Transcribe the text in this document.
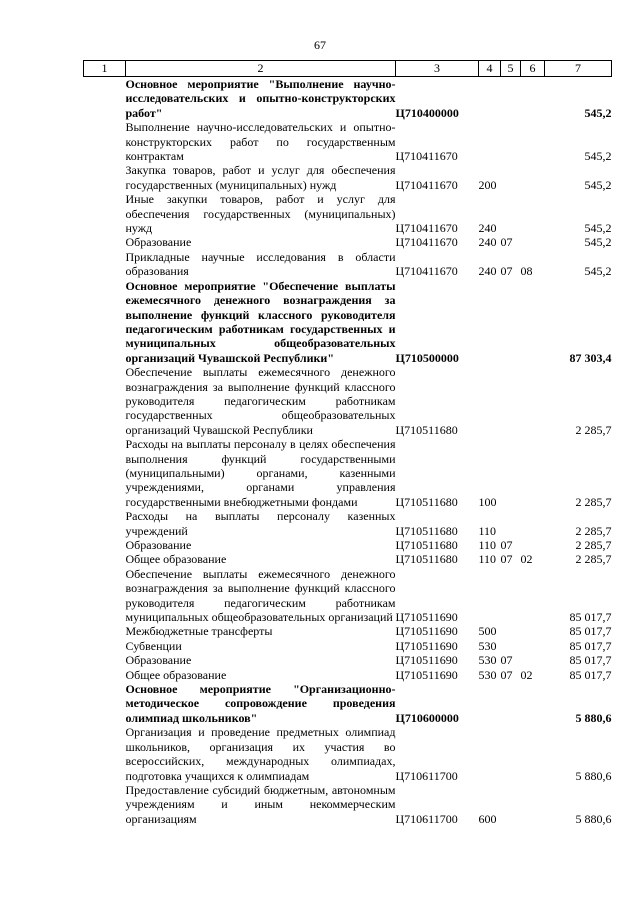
67
1	2	3	4	5	6	7
	Основное мероприятие "Выполнение научно-исследовательских и опытно-конструкторских работ"	Ц710400000				545,2
	Выполнение научно-исследовательских и опытно-конструкторских работ по государственным контрактам	Ц710411670				545,2
	Закупка товаров, работ и услуг для обеспечения государственных (муниципальных) нужд	Ц710411670	200			545,2
	Иные закупки товаров, работ и услуг для обеспечения государственных (муниципальных) нужд	Ц710411670	240			545,2
	Образование	Ц710411670	240	07		545,2
	Прикладные научные исследования в области образования	Ц710411670	240	07	08	545,2
	Основное мероприятие "Обеспечение выплаты ежемесячного денежного вознаграждения за выполнение функций классного руководителя педагогическим работникам государственных и муниципальных общеобразовательных организаций Чувашской Республики"	Ц710500000				87 303,4
	Обеспечение выплаты ежемесячного денежного вознаграждения за выполнение функций классного руководителя педагогическим работникам государственных общеобразовательных организаций Чувашской Республики	Ц710511680				2 285,7
	Расходы на выплаты персоналу в целях обеспечения выполнения функций государственными (муниципальными) органами, казенными учреждениями, органами управления государственными внебюджетными фондами	Ц710511680	100			2 285,7
	Расходы на выплаты персоналу казенных учреждений	Ц710511680	110			2 285,7
	Образование	Ц710511680	110	07		2 285,7
	Общее образование	Ц710511680	110	07	02	2 285,7
	Обеспечение выплаты ежемесячного денежного вознаграждения за выполнение функций классного руководителя педагогическим работникам муниципальных общеобразовательных организаций	Ц710511690				85 017,7
	Межбюджетные трансферты	Ц710511690	500			85 017,7
	Субвенции	Ц710511690	530			85 017,7
	Образование	Ц710511690	530	07		85 017,7
	Общее образование	Ц710511690	530	07	02	85 017,7
	Основное мероприятие "Организационно-методическое сопровождение проведения олимпиад школьников"	Ц710600000				5 880,6
	Организация и проведение предметных олимпиад школьников, организация их участия во всероссийских, международных олимпиадах, подготовка учащихся к олимпиадам	Ц710611700				5 880,6
	Предоставление субсидий бюджетным, автономным учреждениям и иным некоммерческим организациям	Ц710611700	600			5 880,6
